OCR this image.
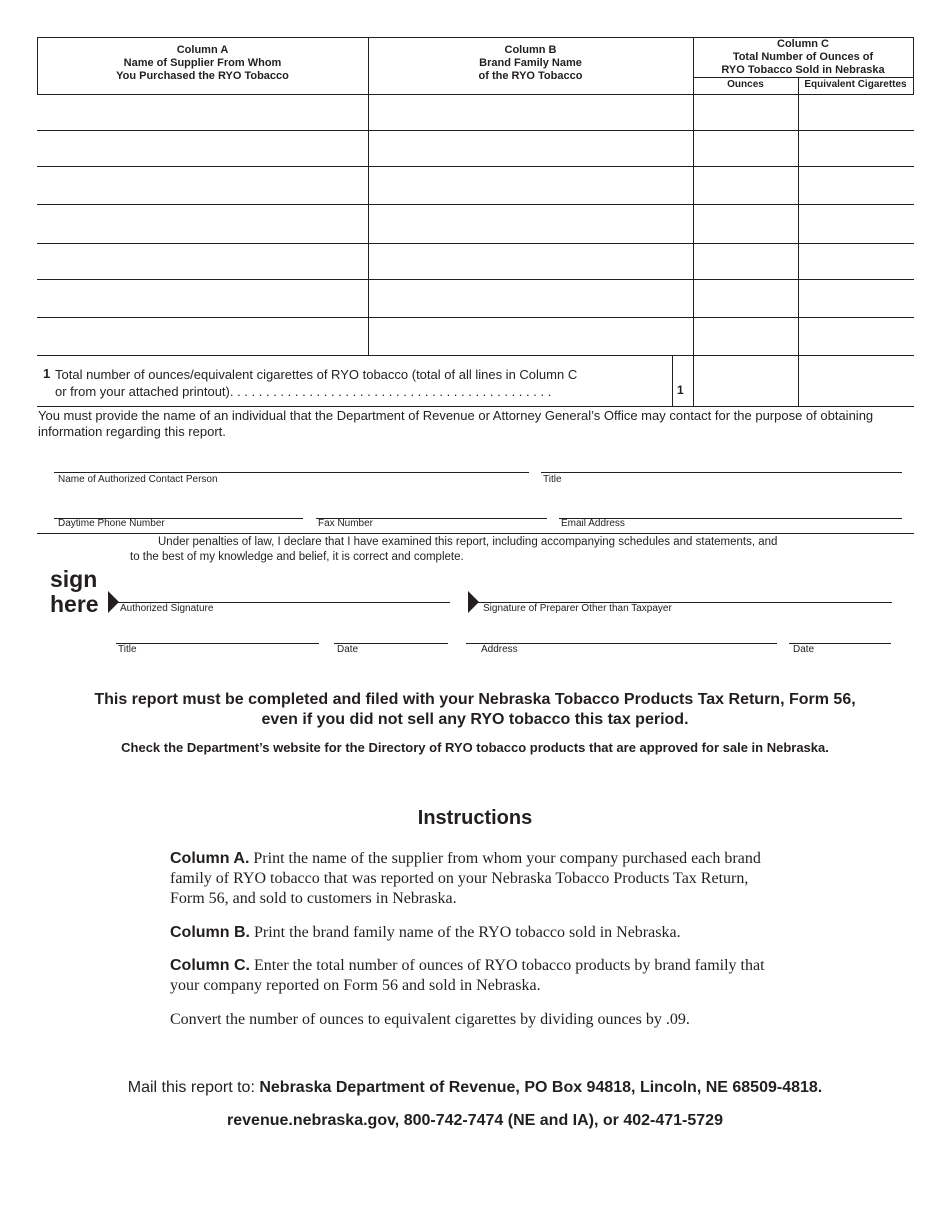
Column A
Name of Supplier From Whom
You Purchased the RYO Tobacco
Column B
Brand Family Name
of the RYO Tobacco
Column C
Total Number of Ounces of
RYO Tobacco Sold in Nebraska
Ounces	Equivalent Cigarettes
1 Total number of ounces/equivalent cigarettes of RYO tobacco (total of all lines in Column C
or from your attached printout). . . . . . . . . . . . . . . . . . . . . . . . . . . . . . . . . . . . . . . . . . . . .	1
You must provide the name of an individual that the Department of Revenue or Attorney General’s Office may contact for the purpose of obtaining information regarding this report.
Name of Authorized Contact Person	Title
Daytime Phone Number	Fax Number	Email Address
Under penalties of law, I declare that I have examined this report, including accompanying schedules and statements, and
to the best of my knowledge and belief, it is correct and complete.
sign
here Authorized Signature	Signature of Preparer Other than Taxpayer
Title	Date	Address	Date
This report must be completed and filed with your Nebraska Tobacco Products Tax Return, Form 56,
even if you did not sell any RYO tobacco this tax period.
Check the Department’s website for the Directory of RYO tobacco products that are approved for sale in Nebraska.
Instructions
Column A. Print the name of the supplier from whom your company purchased each brand family of RYO tobacco that was reported on your Nebraska Tobacco Products Tax Return, Form 56, and sold to customers in Nebraska.
Column B. Print the brand family name of the RYO tobacco sold in Nebraska.
Column C. Enter the total number of ounces of RYO tobacco products by brand family that your company reported on Form 56 and sold in Nebraska.
Convert the number of ounces to equivalent cigarettes by dividing ounces by .09.
Mail this report to: Nebraska Department of Revenue, PO Box 94818, Lincoln, NE 68509-4818.
revenue.nebraska.gov, 800-742-7474 (NE and IA), or 402-471-5729
